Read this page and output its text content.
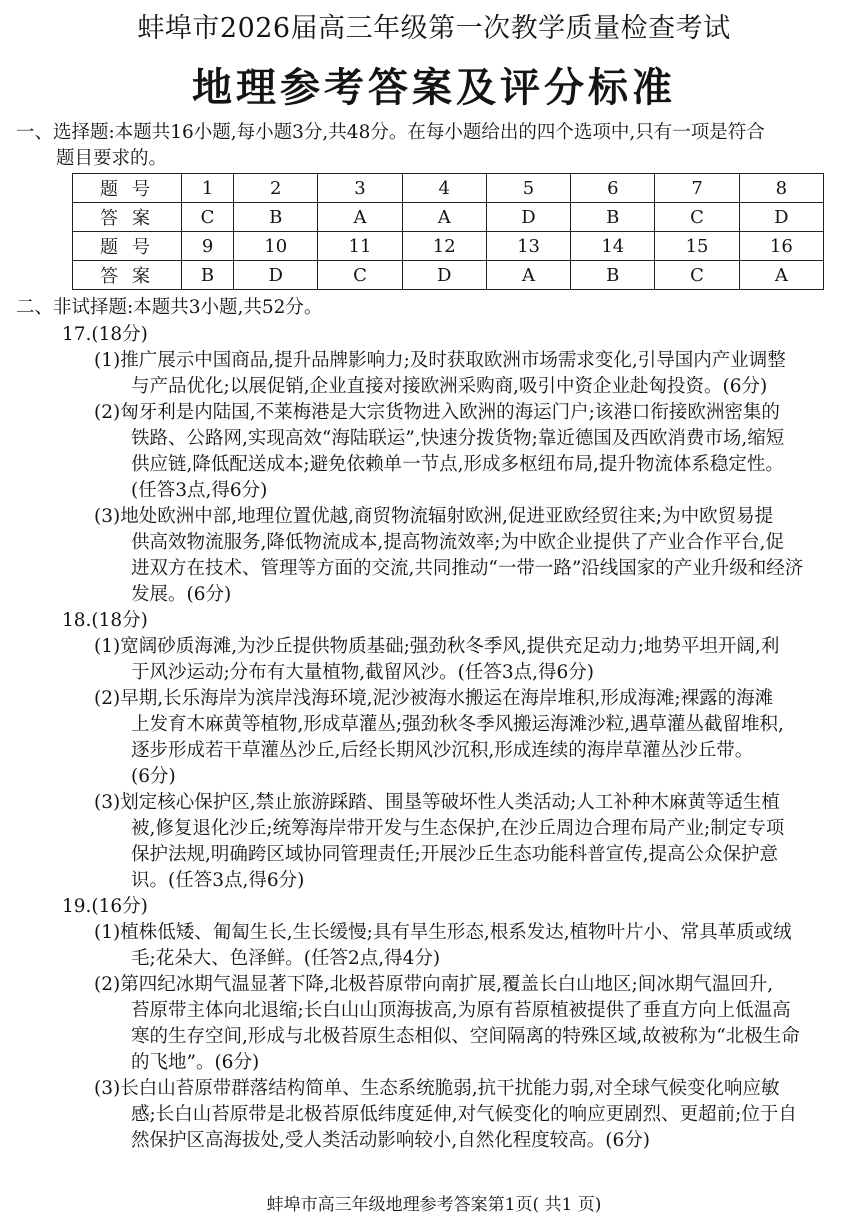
蚌埠市2026届高三年级第一次教学质量检查考试
地理参考答案及评分标准
一、选择题:本题共16小题,每小题3分,共48分。在每小题给出的四个选项中,只有一项是符合
题目要求的。
题号	1	2	3	4	5	6	7	8
答案	C	B	A	A	D	B	C	D
题号	9	10	11	12	13	14	15	16
答案	B	D	C	D	A	B	C	A
二、非试择题:本题共3小题,共52分。
17.(18分)
(1)推广展示中国商品,提升品牌影响力;及时获取欧洲市场需求变化,引导国内产业调整
与产品优化;以展促销,企业直接对接欧洲采购商,吸引中资企业赴匈投资。(6分)
(2)匈牙利是内陆国,不莱梅港是大宗货物进入欧洲的海运门户;该港口衔接欧洲密集的
铁路、公路网,实现高效“海陆联运”,快速分拨货物;靠近德国及西欧消费市场,缩短
供应链,降低配送成本;避免依赖单一节点,形成多枢纽布局,提升物流体系稳定性。
(任答3点,得6分)
(3)地处欧洲中部,地理位置优越,商贸物流辐射欧洲,促进亚欧经贸往来;为中欧贸易提
供高效物流服务,降低物流成本,提高物流效率;为中欧企业提供了产业合作平台,促
进双方在技术、管理等方面的交流,共同推动“一带一路”沿线国家的产业升级和经济
发展。(6分)
18.(18分)
(1)宽阔砂质海滩,为沙丘提供物质基础;强劲秋冬季风,提供充足动力;地势平坦开阔,利
于风沙运动;分布有大量植物,截留风沙。(任答3点,得6分)
(2)早期,长乐海岸为滨岸浅海环境,泥沙被海水搬运在海岸堆积,形成海滩;裸露的海滩
上发育木麻黄等植物,形成草灌丛;强劲秋冬季风搬运海滩沙粒,遇草灌丛截留堆积,
逐步形成若干草灌丛沙丘,后经长期风沙沉积,形成连续的海岸草灌丛沙丘带。
(6分)
(3)划定核心保护区,禁止旅游踩踏、围垦等破坏性人类活动;人工补种木麻黄等适生植
被,修复退化沙丘;统筹海岸带开发与生态保护,在沙丘周边合理布局产业;制定专项
保护法规,明确跨区域协同管理责任;开展沙丘生态功能科普宣传,提高公众保护意
识。(任答3点,得6分)
19.(16分)
(1)植株低矮、匍匐生长,生长缓慢;具有旱生形态,根系发达,植物叶片小、常具革质或绒
毛;花朵大、色泽鲜。(任答2点,得4分)
(2)第四纪冰期气温显著下降,北极苔原带向南扩展,覆盖长白山地区;间冰期气温回升,
苔原带主体向北退缩;长白山山顶海拔高,为原有苔原植被提供了垂直方向上低温高
寒的生存空间,形成与北极苔原生态相似、空间隔离的特殊区域,故被称为“北极生命
的飞地”。(6分)
(3)长白山苔原带群落结构简单、生态系统脆弱,抗干扰能力弱,对全球气候变化响应敏
感;长白山苔原带是北极苔原低纬度延伸,对气候变化的响应更剧烈、更超前;位于自
然保护区高海拔处,受人类活动影响较小,自然化程度较高。(6分)
蚌埠市高三年级地理参考答案第1页( 共1 页)
